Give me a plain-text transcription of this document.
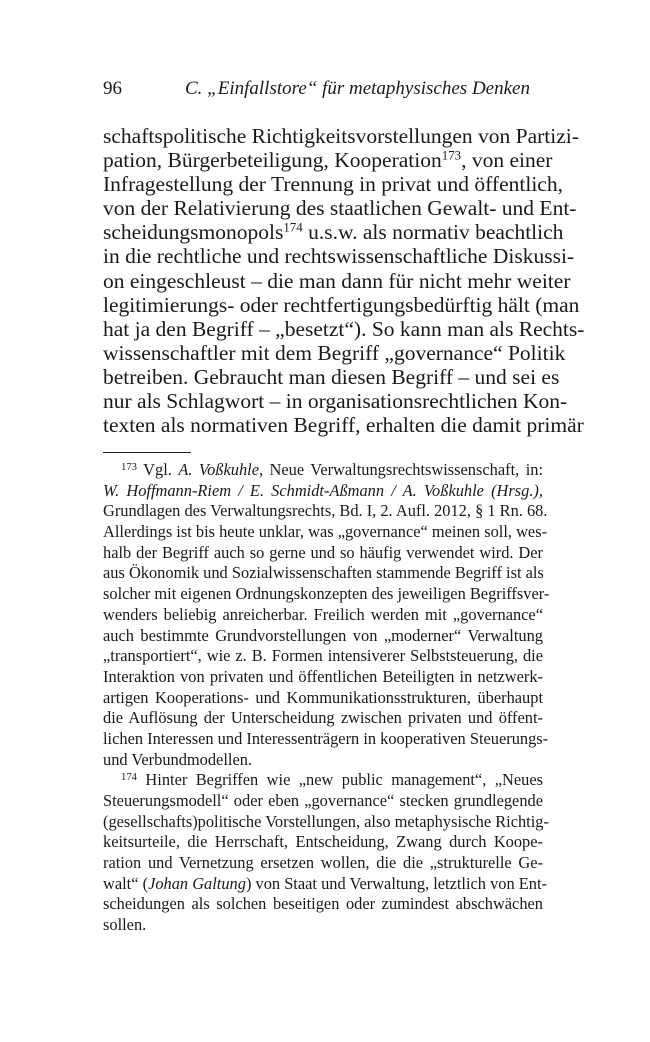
96	C. „Einfallstore“ für metaphysisches Denken
schaftspolitische Richtigkeitsvorstellungen von Partizi-
pation, Bürgerbeteiligung, Kooperation$^{173}$, von einer
Infragestellung der Trennung in privat und öffentlich,
von der Relativierung des staatlichen Gewalt- und Ent-
scheidungsmonopols$^{174}$ u.s.w. als normativ beachtlich
in die rechtliche und rechtswissenschaftliche Diskussi-
on eingeschleust – die man dann für nicht mehr weiter
legitimierungs- oder rechtfertigungsbedürftig hält (man
hat ja den Begriff – „besetzt“). So kann man als Rechts-
wissenschaftler mit dem Begriff „governance“ Politik
betreiben. Gebraucht man diesen Begriff – und sei es
nur als Schlagwort – in organisationsrechtlichen Kon-
texten als normativen Begriff, erhalten die damit primär
$^{173}$ Vgl. A. Voßkuhle, Neue Verwaltungsrechtswissenschaft, in:
W. Hoffmann-Riem / E. Schmidt-Aßmann / A. Voßkuhle (Hrsg.),
Grundlagen des Verwaltungsrechts, Bd. I, 2. Aufl. 2012, § 1 Rn. 68.
Allerdings ist bis heute unklar, was „governance“ meinen soll, wes-
halb der Begriff auch so gerne und so häufig verwendet wird. Der
aus Ökonomik und Sozialwissenschaften stammende Begriff ist als
solcher mit eigenen Ordnungskonzepten des jeweiligen Begriffsver-
wenders beliebig anreicherbar. Freilich werden mit „governance“
auch bestimmte Grundvorstellungen von „moderner“ Verwaltung
„transportiert“, wie z. B. Formen intensiverer Selbststeuerung, die
Interaktion von privaten und öffentlichen Beteiligten in netzwerk-
artigen Kooperations- und Kommunikationsstrukturen, überhaupt
die Auflösung der Unterscheidung zwischen privaten und öffent-
lichen Interessen und Interessenträgern in kooperativen Steuerungs-
und Verbundmodellen.
$^{174}$ Hinter Begriffen wie „new public management“, „Neues
Steuerungsmodell“ oder eben „governance“ stecken grundlegende
(gesellschafts)politische Vorstellungen, also metaphysische Richtig-
keitsurteile, die Herrschaft, Entscheidung, Zwang durch Koope-
ration und Vernetzung ersetzen wollen, die die „strukturelle Ge-
walt“ (Johan Galtung) von Staat und Verwaltung, letztlich von Ent-
scheidungen als solchen beseitigen oder zumindest abschwächen
sollen.
